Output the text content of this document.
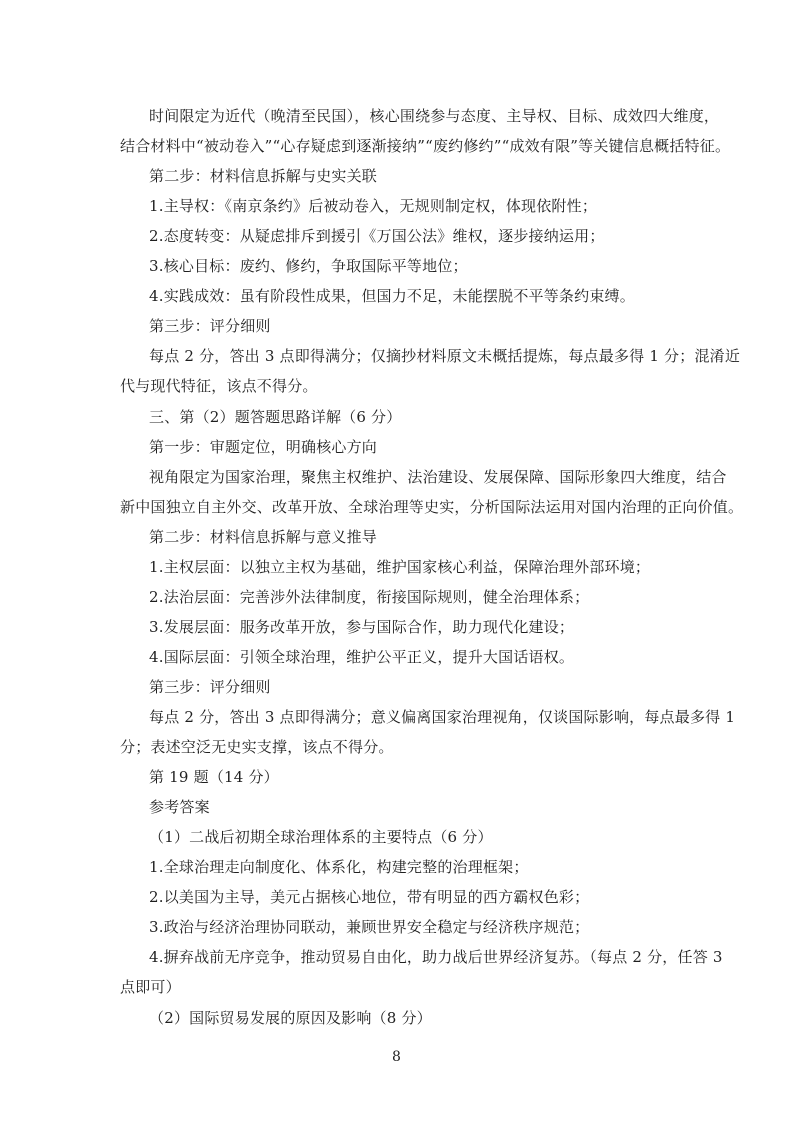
时间限定为近代（晚清至民国），核心围绕参与态度、主导权、目标、成效四大维度，
结合材料中“被动卷入”“心存疑虑到逐渐接纳”“废约修约”“成效有限”等关键信息概括特征。
第二步：材料信息拆解与史实关联
1.主导权：《南京条约》后被动卷入，无规则制定权，体现依附性；
2.态度转变：从疑虑排斥到援引《万国公法》维权，逐步接纳运用；
3.核心目标：废约、修约，争取国际平等地位；
4.实践成效：虽有阶段性成果，但国力不足，未能摆脱不平等条约束缚。
第三步：评分细则
每点 2 分，答出 3 点即得满分；仅摘抄材料原文未概括提炼，每点最多得 1 分；混淆近
代与现代特征，该点不得分。
三、第（2）题答题思路详解（6 分）
第一步：审题定位，明确核心方向
视角限定为国家治理，聚焦主权维护、法治建设、发展保障、国际形象四大维度，结合
新中国独立自主外交、改革开放、全球治理等史实，分析国际法运用对国内治理的正向价值。
第二步：材料信息拆解与意义推导
1.主权层面：以独立主权为基础，维护国家核心利益，保障治理外部环境；
2.法治层面：完善涉外法律制度，衔接国际规则，健全治理体系；
3.发展层面：服务改革开放，参与国际合作，助力现代化建设；
4.国际层面：引领全球治理，维护公平正义，提升大国话语权。
第三步：评分细则
每点 2 分，答出 3 点即得满分；意义偏离国家治理视角，仅谈国际影响，每点最多得 1
分；表述空泛无史实支撑，该点不得分。
第 19 题（14 分）
参考答案
（1）二战后初期全球治理体系的主要特点（6 分）
1.全球治理走向制度化、体系化，构建完整的治理框架；
2.以美国为主导，美元占据核心地位，带有明显的西方霸权色彩；
3.政治与经济治理协同联动，兼顾世界安全稳定与经济秩序规范；
4.摒弃战前无序竞争，推动贸易自由化，助力战后世界经济复苏。（每点 2 分，任答 3
点即可）
（2）国际贸易发展的原因及影响（8 分）
8
